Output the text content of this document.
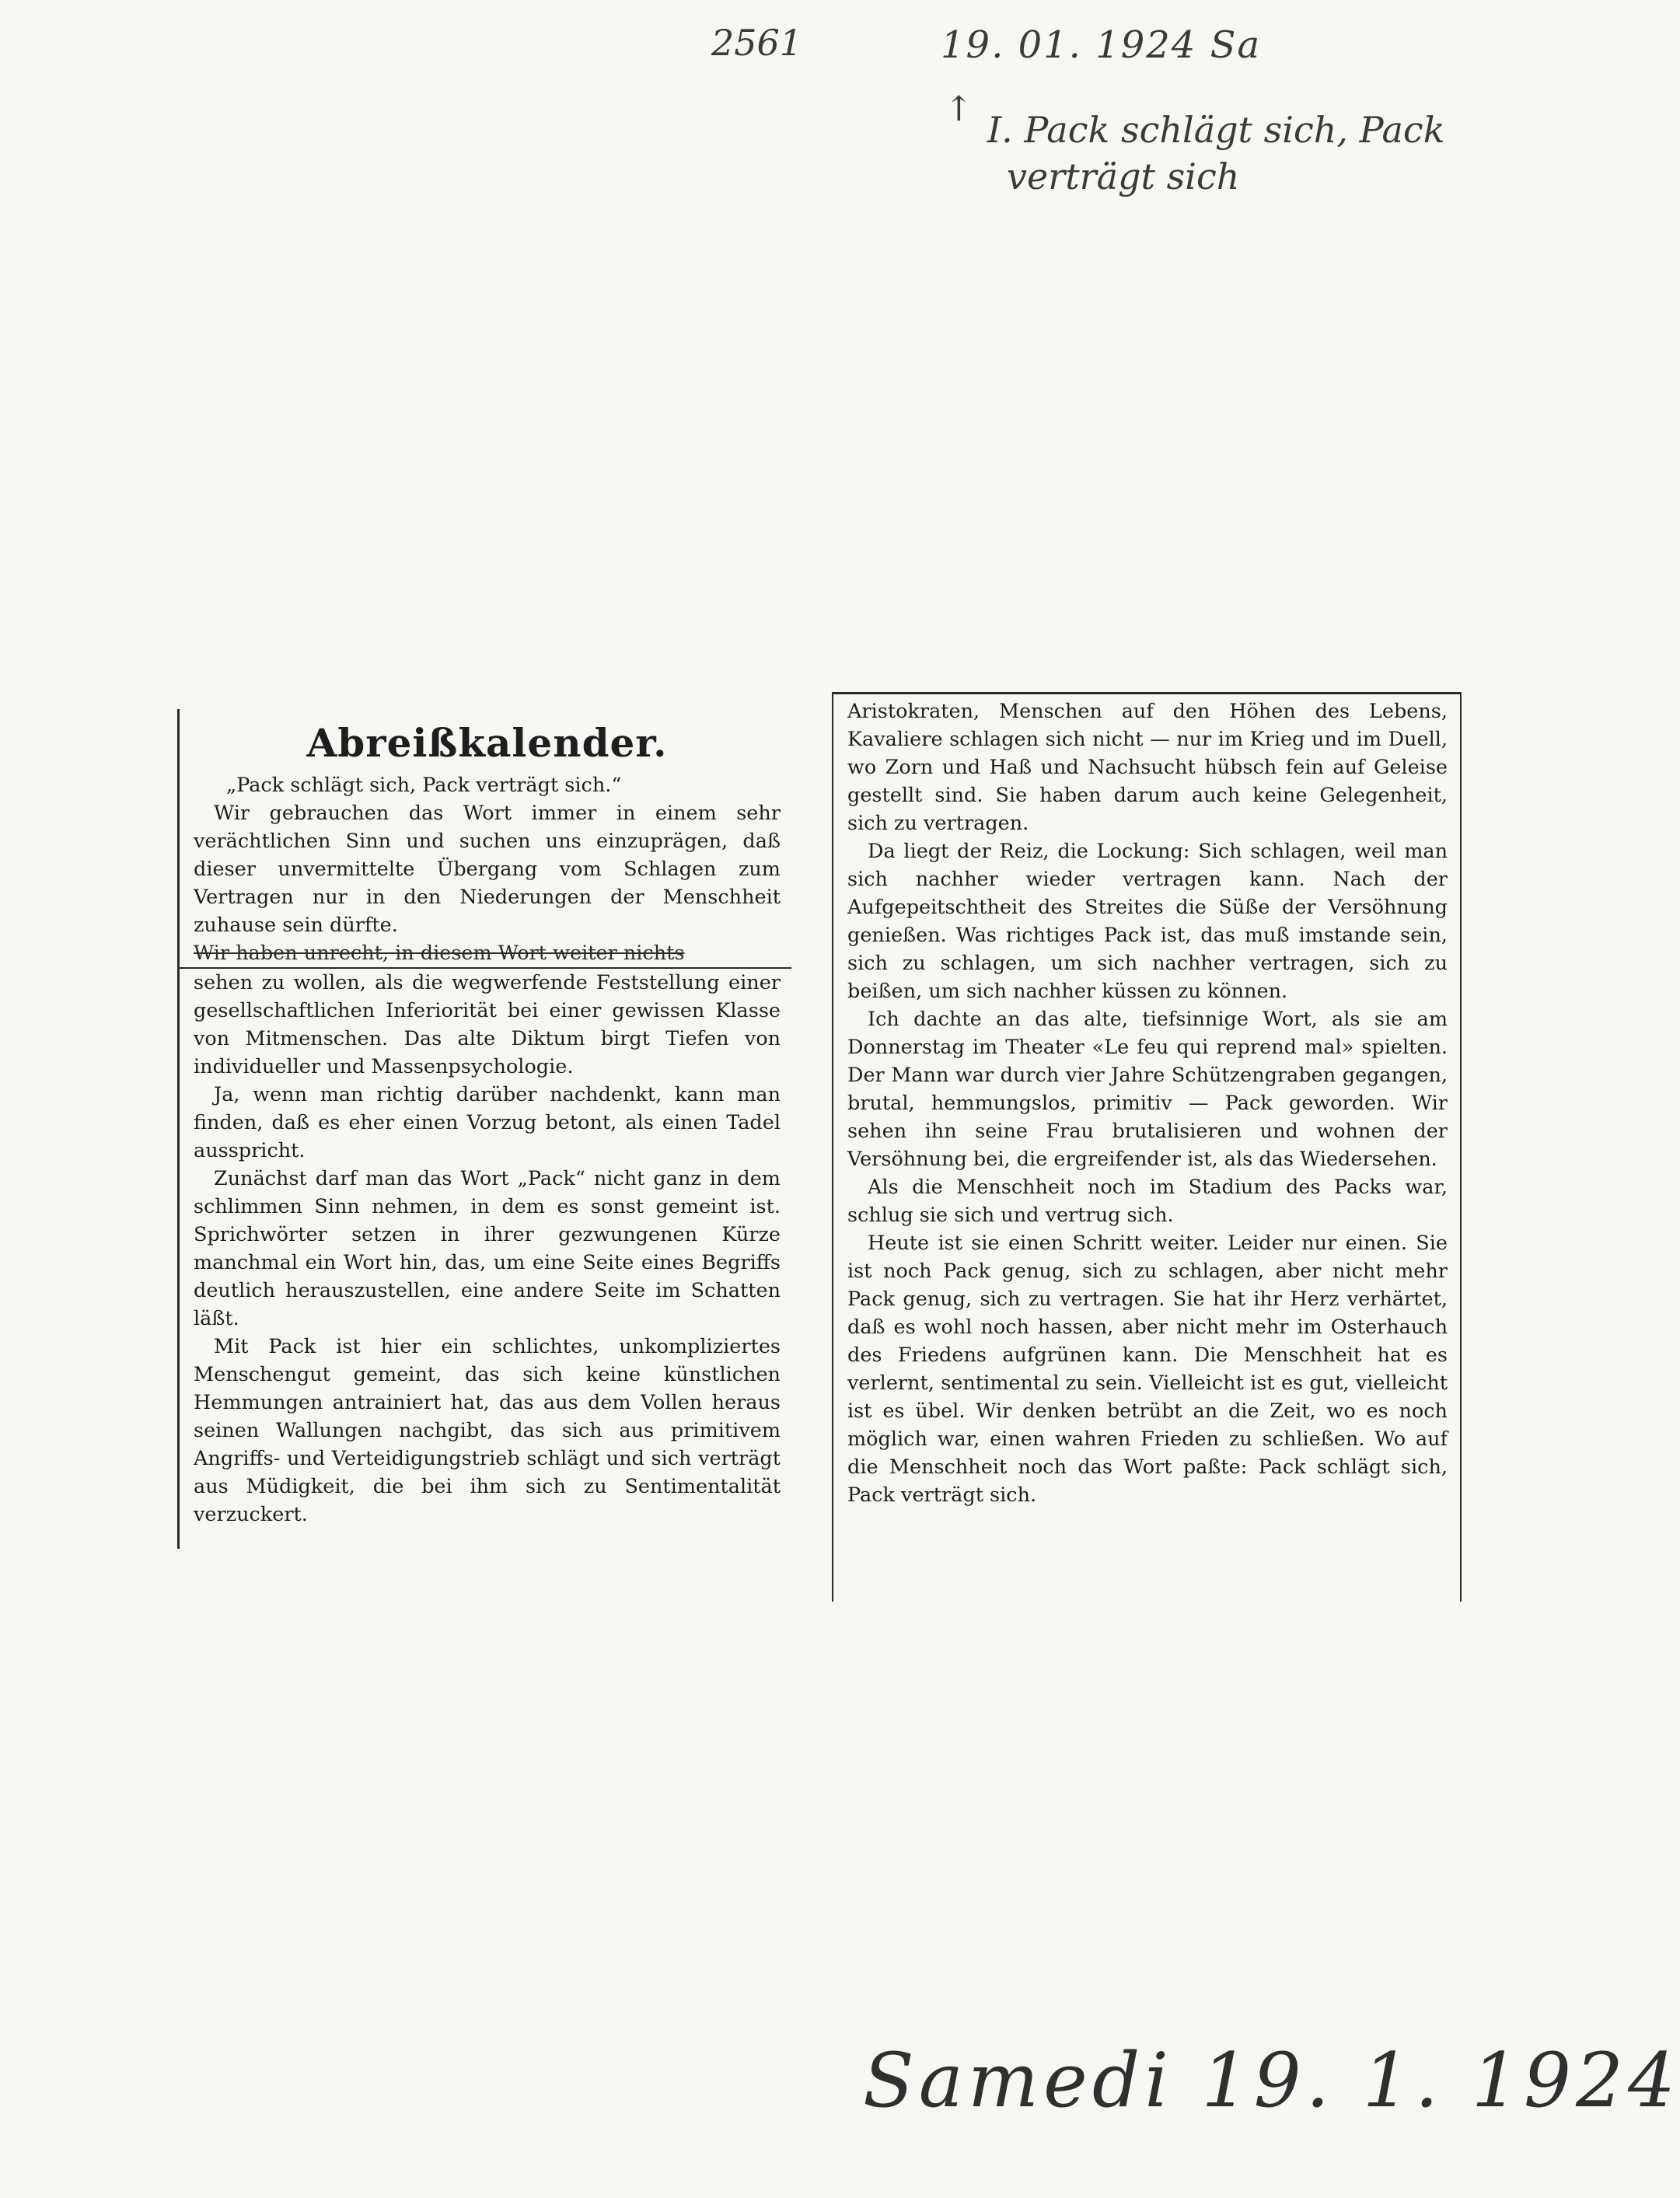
2561	19. 01. 1924 Sa
↑ I. Pack schlägt sich, Pack
verträgt sich
Abreißkalender.

„Pack schlägt sich, Pack verträgt sich.“

Wir gebrauchen das Wort immer in einem sehr verächtlichen Sinn und suchen uns einzuprägen, daß dieser unvermittelte Übergang vom Schlagen zum Vertragen nur in den Niederungen der Menschheit zuhause sein dürfte.

Wir haben unrecht, in diesem Wort weiter nichts

sehen zu wollen, als die wegwerfende Feststellung einer gesellschaftlichen Inferiorität bei einer gewissen Klasse von Mitmenschen. Das alte Diktum birgt Tiefen von individueller und Massenpsychologie.

Ja, wenn man richtig darüber nachdenkt, kann man finden, daß es eher einen Vorzug betont, als einen Tadel ausspricht.

Zunächst darf man das Wort „Pack“ nicht ganz in dem schlimmen Sinn nehmen, in dem es sonst gemeint ist. Sprichwörter setzen in ihrer gezwungenen Kürze manchmal ein Wort hin, das, um eine Seite eines Begriffs deutlich herauszustellen, eine andere Seite im Schatten läßt.

Mit Pack ist hier ein schlichtes, unkompliziertes Menschengut gemeint, das sich keine künstlichen Hemmungen antrainiert hat, das aus dem Vollen heraus seinen Wallungen nachgibt, das sich aus primitivem Angriffs- und Verteidigungstrieb schlägt und sich verträgt aus Müdigkeit, die bei ihm sich zu Sentimentalität verzuckert.

Aristokraten, Menschen auf den Höhen des Lebens, Kavaliere schlagen sich nicht — nur im Krieg und im Duell, wo Zorn und Haß und Nachsucht hübsch fein auf Geleise gestellt sind. Sie haben darum auch keine Gelegenheit, sich zu vertragen.

Da liegt der Reiz, die Lockung: Sich schlagen, weil man sich nachher wieder vertragen kann. Nach der Aufgepeitschtheit des Streites die Süße der Versöhnung genießen. Was richtiges Pack ist, das muß imstande sein, sich zu schlagen, um sich nachher vertragen, sich zu beißen, um sich nachher küssen zu können.

Ich dachte an das alte, tiefsinnige Wort, als sie am Donnerstag im Theater «Le feu qui reprend mal» spielten. Der Mann war durch vier Jahre Schützengraben gegangen, brutal, hemmungslos, primitiv — Pack geworden. Wir sehen ihn seine Frau brutalisieren und wohnen der Versöhnung bei, die ergreifender ist, als das Wiedersehen.

Als die Menschheit noch im Stadium des Packs war, schlug sie sich und vertrug sich.

Heute ist sie einen Schritt weiter. Leider nur einen. Sie ist noch Pack genug, sich zu schlagen, aber nicht mehr Pack genug, sich zu vertragen. Sie hat ihr Herz verhärtet, daß es wohl noch hassen, aber nicht mehr im Osterhauch des Friedens aufgrünen kann. Die Menschheit hat es verlernt, sentimental zu sein. Vielleicht ist es gut, vielleicht ist es übel. Wir denken betrübt an die Zeit, wo es noch möglich war, einen wahren Frieden zu schließen. Wo auf die Menschheit noch das Wort paßte: Pack schlägt sich, Pack verträgt sich.

Samedi 19. 1. 1924
